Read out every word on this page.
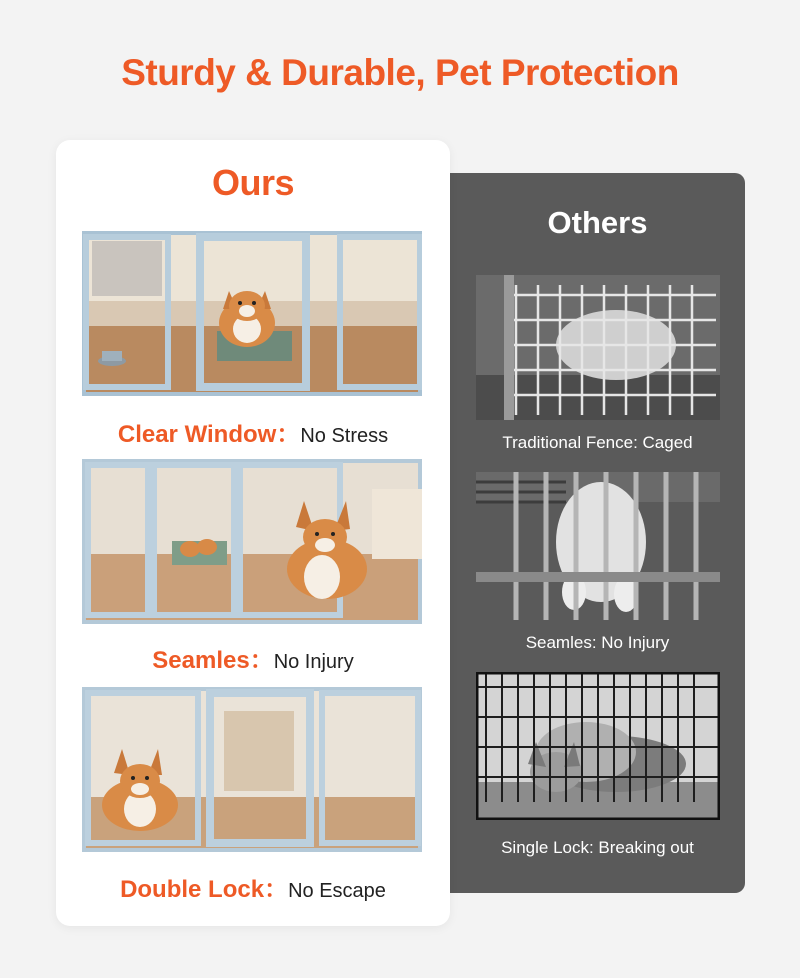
Sturdy & Durable, Pet Protection
Ours
Others
Clear Window：No Stress
Seamles：No Injury
Double Lock：No Escape
Traditional Fence: Caged
Seamles: No Injury
Single Lock: Breaking out
